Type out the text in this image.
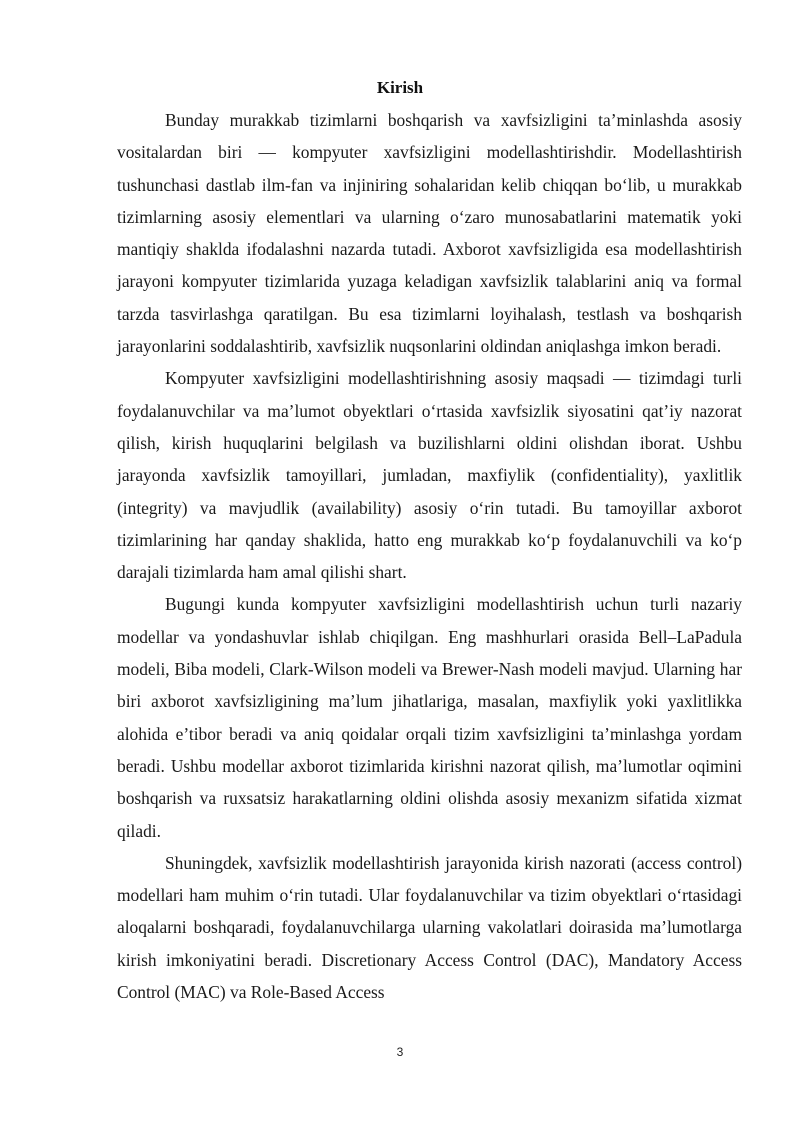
Kirish

Bunday murakkab tizimlarni boshqarish va xavfsizligini ta’minlashda asosiy vositalardan biri — kompyuter xavfsizligini modellashtirishdir. Modellashtirish tushunchasi dastlab ilm-fan va injiniring sohalaridan kelib chiqqan bo‘lib, u murakkab tizimlarning asosiy elementlari va ularning o‘zaro munosabatlarini matematik yoki mantiqiy shaklda ifodalashni nazarda tutadi. Axborot xavfsizligida esa modellashtirish jarayoni kompyuter tizimlarida yuzaga keladigan xavfsizlik talablarini aniq va formal tarzda tasvirlashga qaratilgan. Bu esa tizimlarni loyihalash, testlash va boshqarish jarayonlarini soddalashtirib, xavfsizlik nuqsonlarini oldindan aniqlashga imkon beradi.

Kompyuter xavfsizligini modellashtirishning asosiy maqsadi — tizimdagi turli foydalanuvchilar va ma’lumot obyektlari o‘rtasida xavfsizlik siyosatini qat’iy nazorat qilish, kirish huquqlarini belgilash va buzilishlarni oldini olishdan iborat. Ushbu jarayonda xavfsizlik tamoyillari, jumladan, maxfiylik (confidentiality), yaxlitlik (integrity) va mavjudlik (availability) asosiy o‘rin tutadi. Bu tamoyillar axborot tizimlarining har qanday shaklida, hatto eng murakkab ko‘p foydalanuvchili va ko‘p darajali tizimlarda ham amal qilishi shart.

Bugungi kunda kompyuter xavfsizligini modellashtirish uchun turli nazariy modellar va yondashuvlar ishlab chiqilgan. Eng mashhurlari orasida Bell–LaPadula modeli, Biba modeli, Clark-Wilson modeli va Brewer-Nash modeli mavjud. Ularning har biri axborot xavfsizligining ma’lum jihatlariga, masalan, maxfiylik yoki yaxlitlikka alohida e’tibor beradi va aniq qoidalar orqali tizim xavfsizligini ta’minlashga yordam beradi. Ushbu modellar axborot tizimlarida kirishni nazorat qilish, ma’lumotlar oqimini boshqarish va ruxsatsiz harakatlarning oldini olishda asosiy mexanizm sifatida xizmat qiladi.

Shuningdek, xavfsizlik modellashtirish jarayonida kirish nazorati (access control) modellari ham muhim o‘rin tutadi. Ular foydalanuvchilar va tizim obyektlari o‘rtasidagi aloqalarni boshqaradi, foydalanuvchilarga ularning vakolatlari doirasida ma’lumotlarga kirish imkoniyatini beradi. Discretionary Access Control (DAC), Mandatory Access Control (MAC) va Role-Based Access

3
